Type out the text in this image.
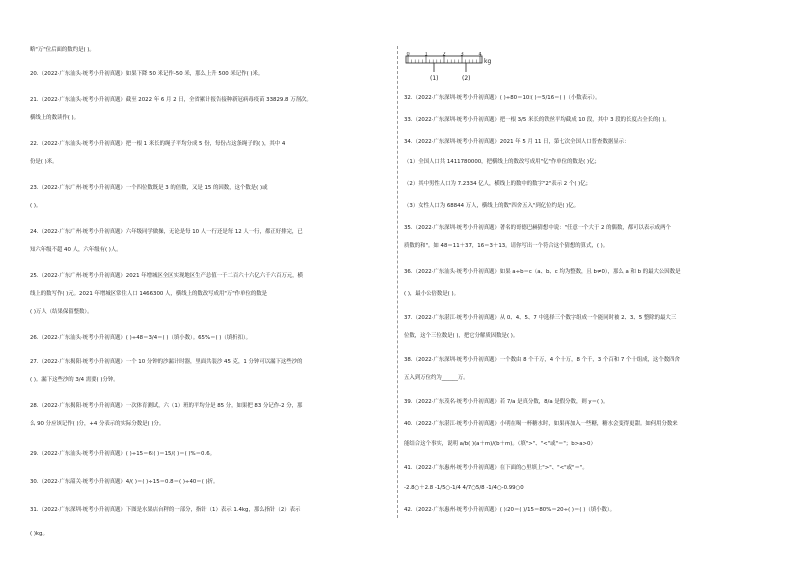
略"万"位后面的数约是( )。
20.（2022·广东汕头·统考小升初真题）如果下降 50 米记作-50 米，那么上升 500 米记作( )米。
21.（2022·广东汕头·统考小升初真题）截至 2022 年 6 月 2 日，全省累计报告接种新冠病毒疫苗 33829.8 万剂次。
横线上的数读作( )。
22.（2022·广东汕头·统考小升初真题）把一根 1 米长的绳子平均分成 5 份，每份占这条绳子的( )，其中 4
份是( )米。
23.（2022·广东广州·统考小升初真题）一个四位数既是 3 的倍数，又是 15 的因数，这个数是( )或
( )。
24.（2022·广东广州·统考小升初真题）六年级同学做操，无论是每 10 人一行还是每 12 人一行，都正好排完，已
知六年级不超 40 人，六年级有( )人。
25.（2022·广东广州·统考小升初真题）2021 年增城区全区实现地区生产总值一千二百六十六亿六千六百万元，横
线上的数写作( )元。2021 年增城区常住人口 1466300 人，横线上的数改写成用"万"作单位的数是
( )万人（结果保留整数）。
26.（2022·广东汕头·统考小升初真题）( )÷48＝3/4＝( )（填小数）。65%＝( )（填折扣）。
27.（2022·广东揭阳·统考小升初真题）一个 10 分钟的沙漏计时器，里面共装沙 45 克，1 分钟可以漏下这些沙的
( )。漏下这些沙的 3/4 需要( )分钟。
28.（2022·广东揭阳·统考小升初真题）一次体育测试，六（1）班的平均分是 85 分，如果把 83 分记作-2 分，那
么 90 分应该记作( )分，+4 分表示的实际分数是( )分。
29.（2022·广东汕头·统考小升初真题）( )÷15＝6∶( )＝15/( )＝( )%＝0.6。
30.（2022·广东韶关·统考小升初真题）4/( )＝( )÷15＝0.8＝( )÷40＝( )折。
31.（2022·广东深圳·统考小升初真题）下图是水果店台秤的一部分，指针（1）表示 1.4kg，那么指针（2）表示
( )kg。
32.（2022·广东深圳·统考小升初真题）( )÷80＝10∶( )＝5/16＝( )（小数表示）。
33.（2022·广东深圳·统考小升初真题）把一根 3/5 米长的铁丝平均截成 10 段，其中 3 段的长度占全长的( )。
34.（2022·广东深圳·统考小升初真题）2021 年 5 月 11 日，第七次全国人口普查数据显示：
（1）全国人口共 1411780000，把横线上的数改写成用"亿"作单位的数是( )亿；
（2）其中男性人口为 7.2334 亿人，横线上的数中的数字"2"表示 2 个( )亿；
（3）女性人口为 68844 万人，横线上的数"四舍五入"到亿位约是( )亿。
35.（2022·广东深圳·统考小升初真题）著名的哥德巴赫猜想中说："任意一个大于 2 的偶数，都可以表示成两个
质数的和"。如 48＝11＋37，16＝3＋13。请你写出一个符合这个猜想的算式，( )。
36.（2022·广东汕头·统考小升初真题）如果 a÷b＝c（a、b、c 均为整数，且 b≠0），那么 a 和 b 的最大公因数是
( )，最小公倍数是( )。
37.（2022·广东湛江·统考小升初真题）从 0、4、5、7 中选择三个数字组成一个能同时被 2、3、5 整除的最大三
位数，这个三位数是( )，把它分解质因数是( )。
38.（2022·广东深圳·统考小升初真题）一个数由 8 个千万，4 个十万，8 个千，3 个百和 7 个十组成，这个数四舍
五入到万位约为______万。
39.（2022·广东茂名·统考小升初真题）若 7/a 是真分数，8/a 是假分数，则 y＝( )。
40.（2022·广东湛江·统考小升初真题）小明在喝一杯糖水时，如果再加入一些糖，糖水会变得更甜。如何用分数来
能结合这个事实，说明 a/b( )(a＋m)/(b＋m)。（填">"、"<"或"＝"；b>a>0）
41.（2022·广东惠州·统考小升初真题）在下面的○里填上">"、"<"或"＝"。
-2.8○＋2.8 -1/5○-1/4 4/7○5/8 -1/4○-0.99○0
42.（2022·广东惠州·统考小升初真题）( )∶20＝( )/15＝80%＝20÷( )＝( )（填小数）。
0	1	2	3	4
kg
(1)	(2)
